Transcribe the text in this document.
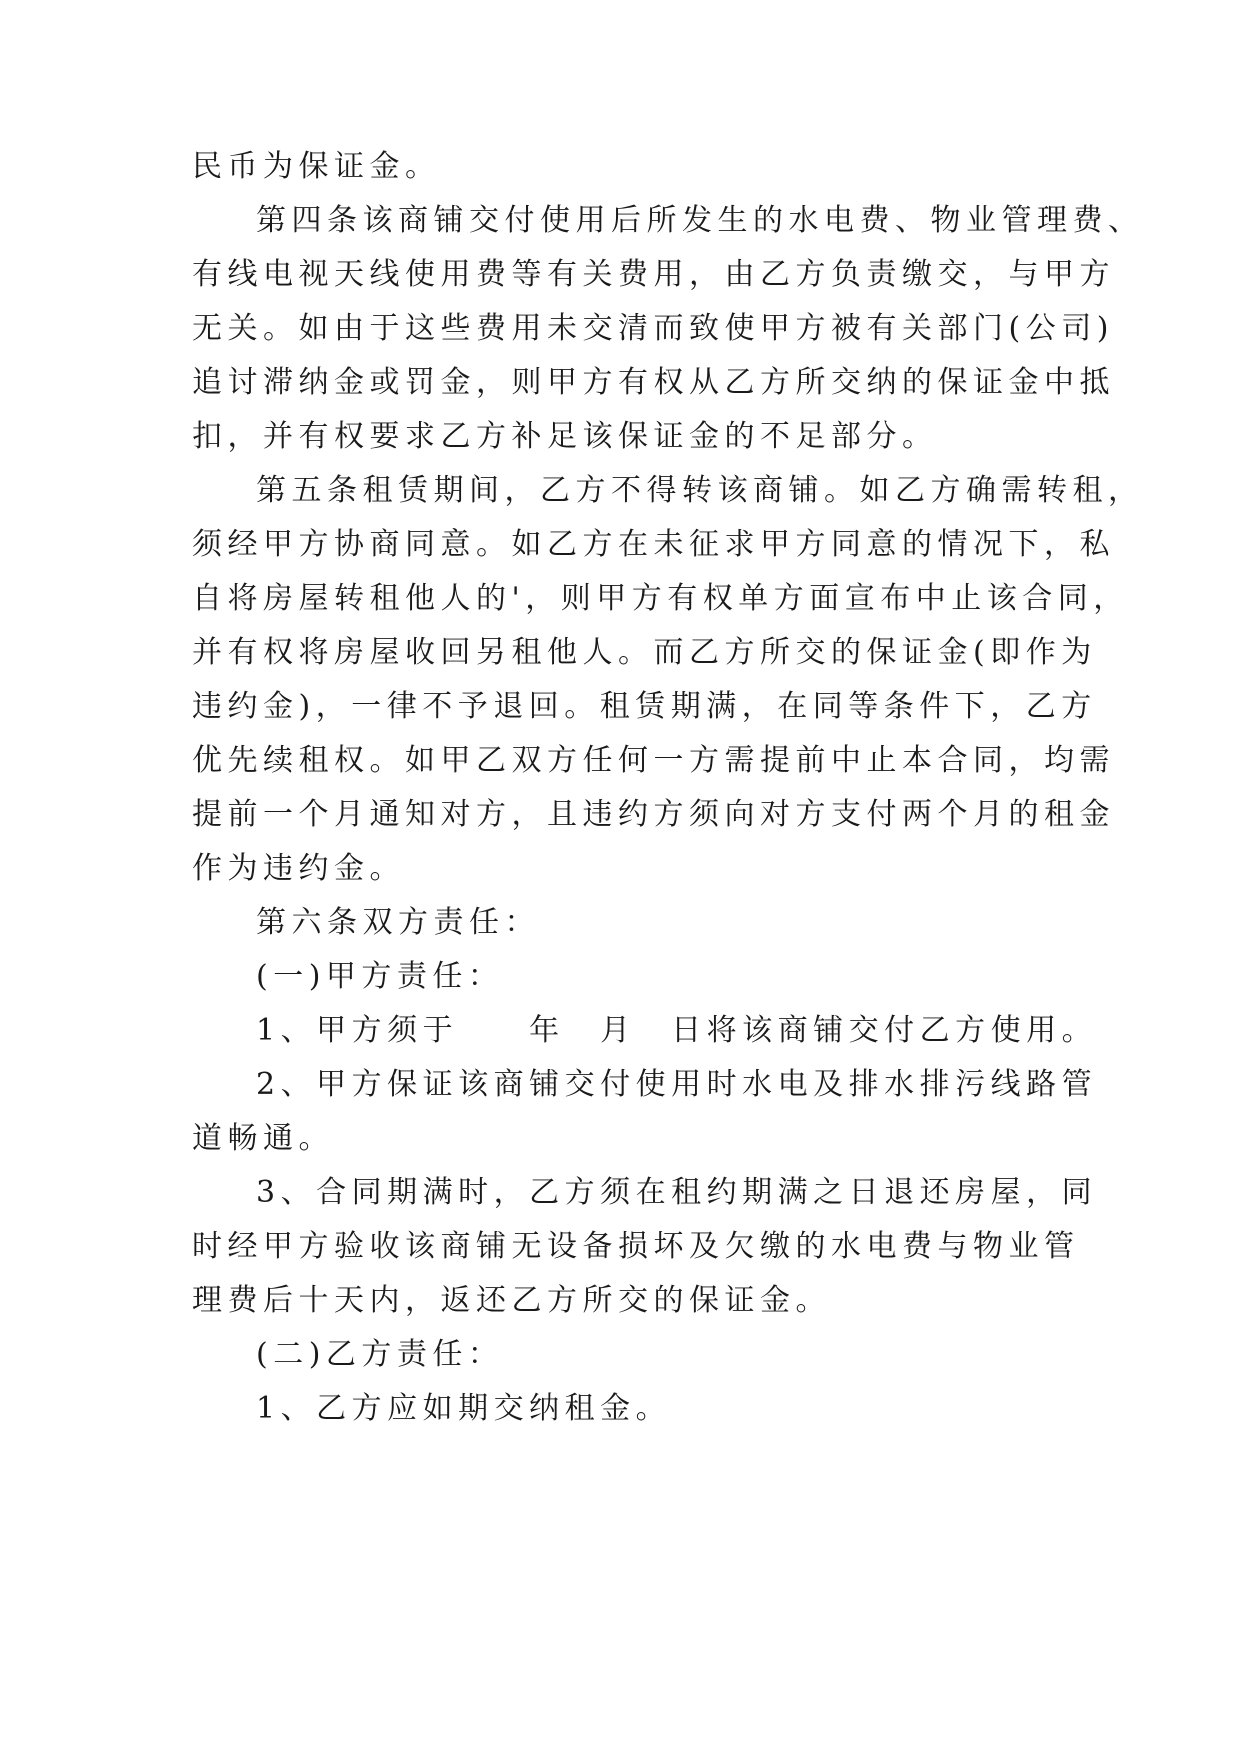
民币为保证金。

第四条该商铺交付使用后所发生的水电费、物业管理费、

有线电视天线使用费等有关费用，由乙方负责缴交，与甲方

无关。如由于这些费用未交清而致使甲方被有关部门(公司)

追讨滞纳金或罚金，则甲方有权从乙方所交纳的保证金中抵

扣，并有权要求乙方补足该保证金的不足部分。

第五条租赁期间，乙方不得转该商铺。如乙方确需转租，

须经甲方协商同意。如乙方在未征求甲方同意的情况下，私

自将房屋转租他人的'，则甲方有权单方面宣布中止该合同，

并有权将房屋收回另租他人。而乙方所交的保证金(即作为

违约金)，一律不予退回。租赁期满，在同等条件下，乙方

优先续租权。如甲乙双方任何一方需提前中止本合同，均需

提前一个月通知对方，且违约方须向对方支付两个月的租金

作为违约金。

第六条双方责任：

(一)甲方责任：

1、甲方须于　　年　月　日将该商铺交付乙方使用。

2、甲方保证该商铺交付使用时水电及排水排污线路管

道畅通。

3、合同期满时，乙方须在租约期满之日退还房屋，同

时经甲方验收该商铺无设备损坏及欠缴的水电费与物业管

理费后十天内，返还乙方所交的保证金。

(二)乙方责任：

1、乙方应如期交纳租金。
